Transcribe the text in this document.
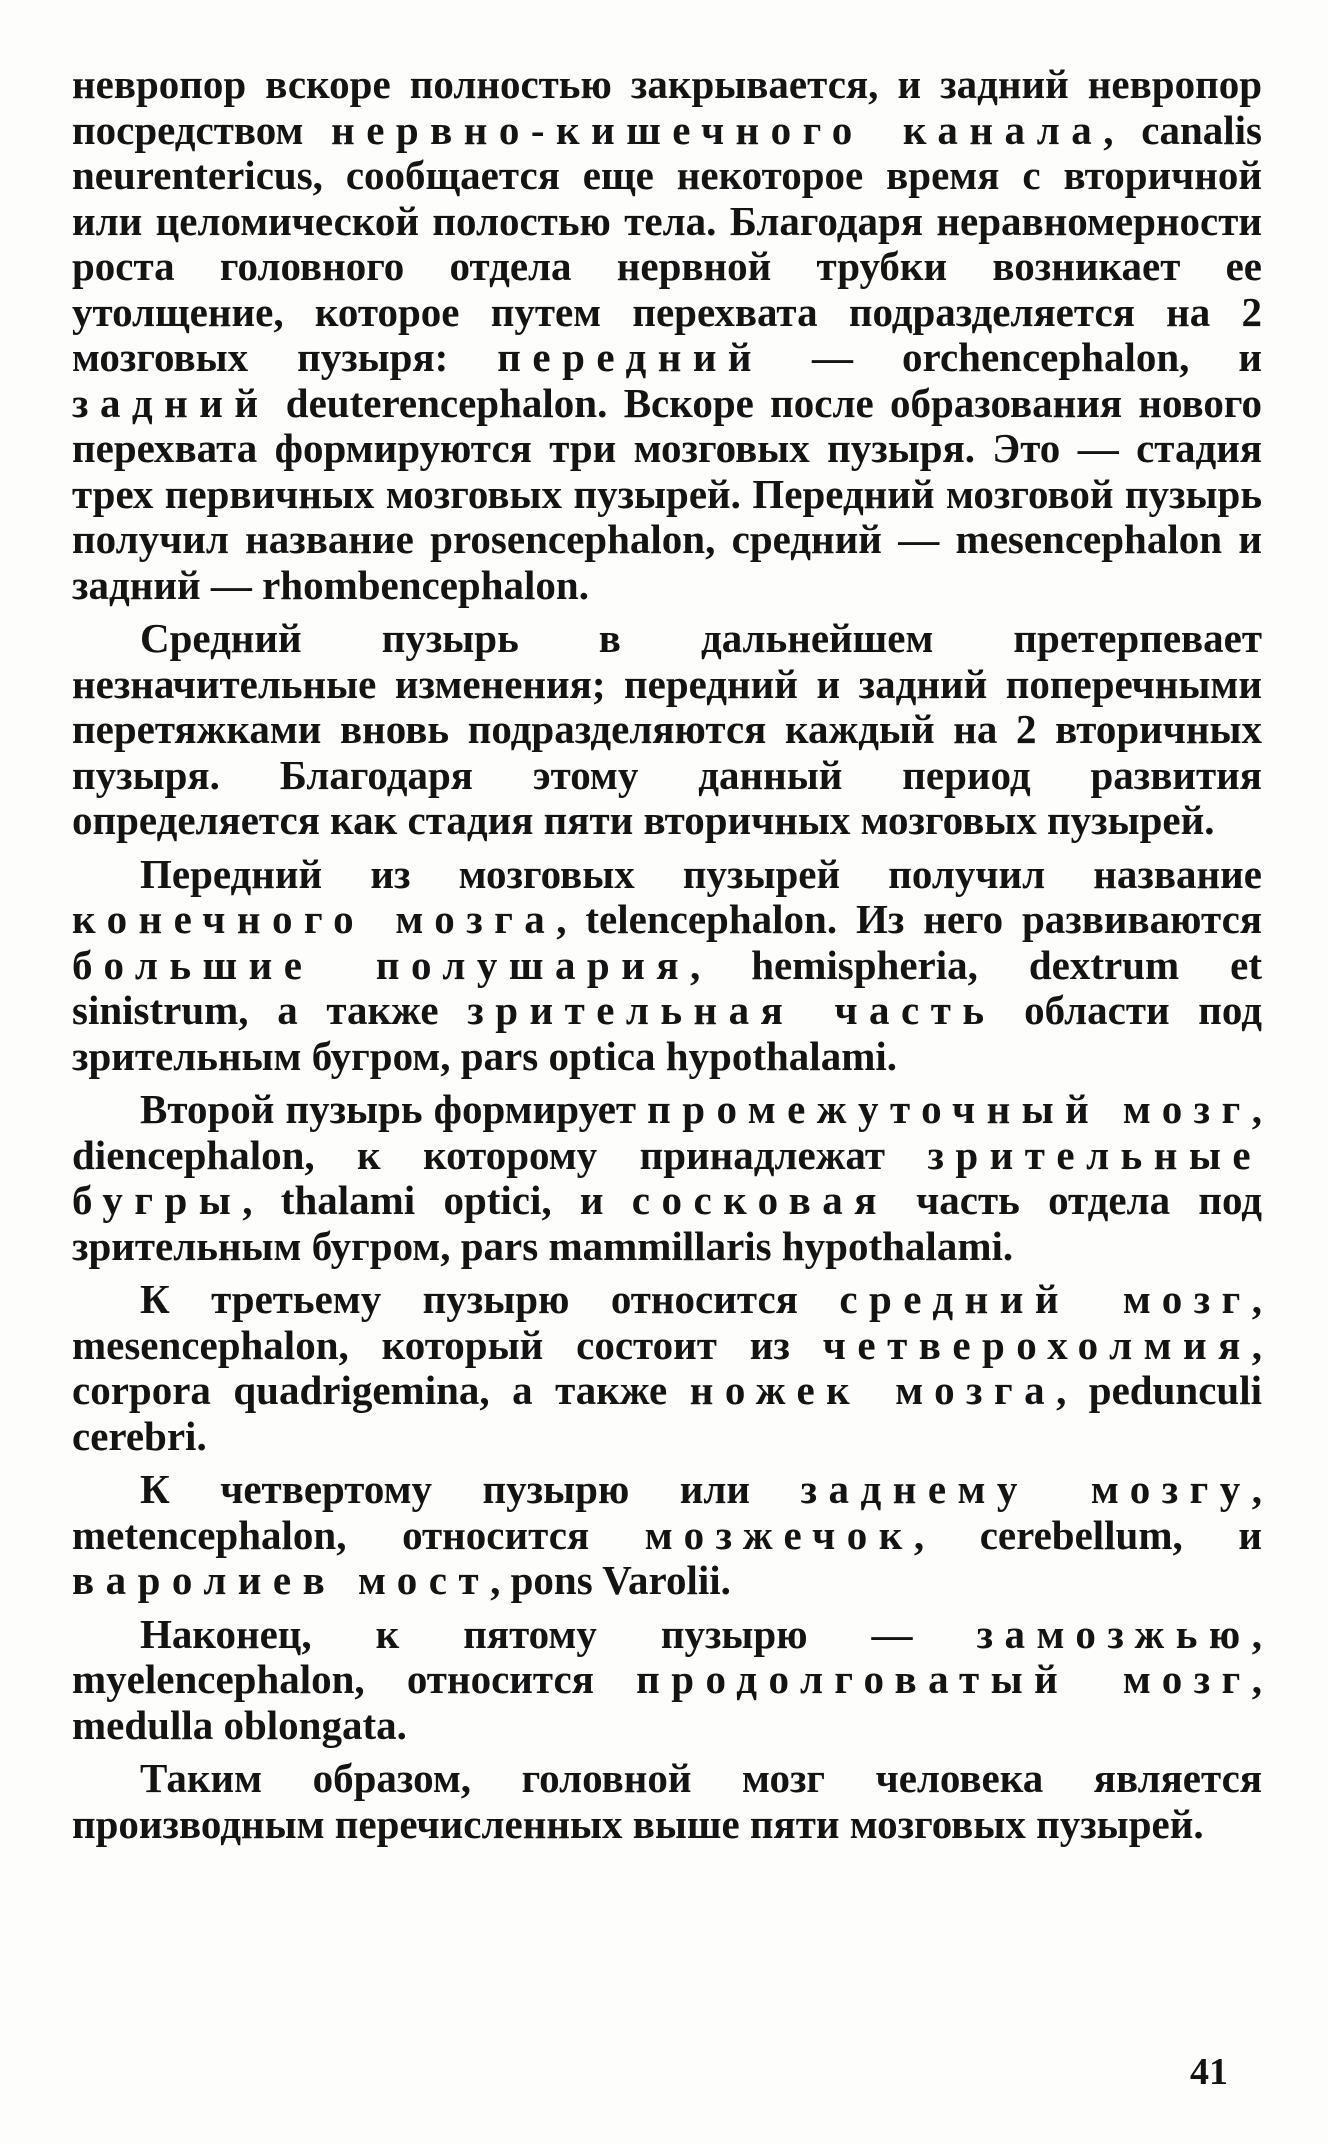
невропор вскоре полностью закрывается, и задний невропор посредством нервно-кишечного канала, canalis neurentericus, сообщается еще некоторое время с вторичной или целомической полостью тела. Благодаря неравномерности роста головного отдела нервной трубки возникает ее утолщение, которое путем перехвата подразделяется на 2 мозговых пузыря: передний — orchencephalon, и задний deuterencephalon. Вскоре после образования нового перехвата формируются три мозговых пузыря. Это — стадия трех первичных мозговых пузырей. Передний мозговой пузырь получил название prosencephalon, средний — mesencephalon и задний — rhombencephalon.

Средний пузырь в дальнейшем претерпевает незначительные изменения; передний и задний поперечными перетяжками вновь подразделяются каждый на 2 вторичных пузыря. Благодаря этому данный период развития определяется как стадия пяти вторичных мозговых пузырей.

Передний из мозговых пузырей получил название конечного мозга, telencephalon. Из него развиваются большие полушария, hemispheria, dextrum et sinistrum, а также зрительная часть области под зрительным бугром, pars optica hypothalami.

Второй пузырь формирует промежуточный мозг, diencephalon, к которому принадлежат зрительные бугры, thalami optici, и сосковая часть отдела под зрительным бугром, pars mammillaris hypothalami.

К третьему пузырю относится средний мозг, mesencephalon, который состоит из четверохолмия, corpora quadrigemina, а также ножек мозга, pedunculi cerebri.

К четвертому пузырю или заднему мозгу, metencephalon, относится мозжечок, cerebellum, и варолиев мост, pons Varolii.

Наконец, к пятому пузырю — замозжью, myelencephalon, относится продолговатый мозг, medulla oblongata.

Таким образом, головной мозг человека является производным перечисленных выше пяти мозговых пузырей.

41
